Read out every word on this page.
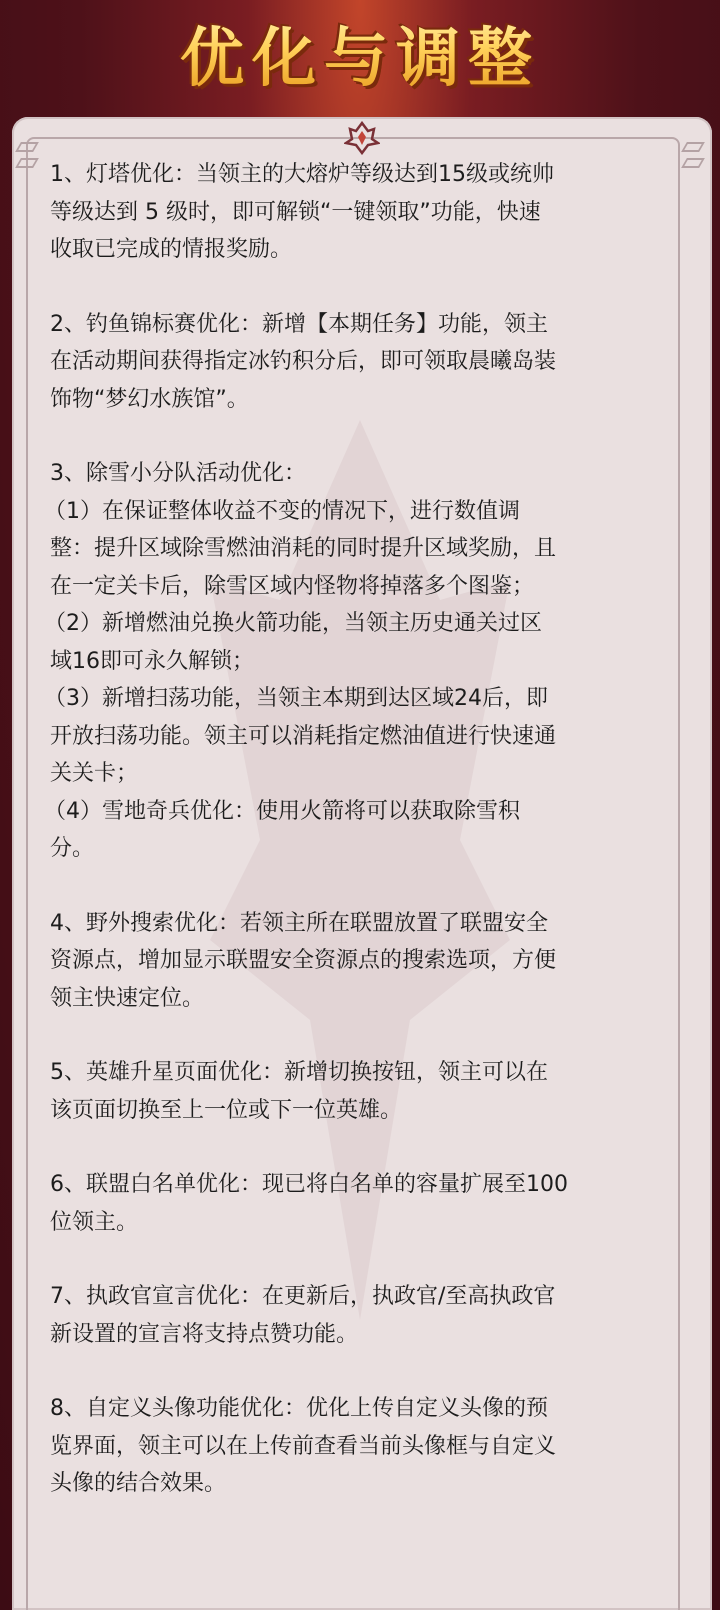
优化与调整
1、灯塔优化：当领主的大熔炉等级达到15级或统帅
等级达到 5 级时，即可解锁“一键领取”功能，快速
收取已完成的情报奖励。
2、钓鱼锦标赛优化：新增【本期任务】功能，领主
在活动期间获得指定冰钓积分后，即可领取晨曦岛装
饰物“梦幻水族馆”。
3、除雪小分队活动优化：
（1）在保证整体收益不变的情况下，进行数值调
整：提升区域除雪燃油消耗的同时提升区域奖励，且
在一定关卡后，除雪区域内怪物将掉落多个图鉴；
（2）新增燃油兑换火箭功能，当领主历史通关过区
域16即可永久解锁；
（3）新增扫荡功能，当领主本期到达区域24后，即
开放扫荡功能。领主可以消耗指定燃油值进行快速通
关关卡；
（4）雪地奇兵优化：使用火箭将可以获取除雪积
分。
4、野外搜索优化：若领主所在联盟放置了联盟安全
资源点，增加显示联盟安全资源点的搜索选项，方便
领主快速定位。
5、英雄升星页面优化：新增切换按钮，领主可以在
该页面切换至上一位或下一位英雄。
6、联盟白名单优化：现已将白名单的容量扩展至100
位领主。
7、执政官宣言优化：在更新后，执政官/至高执政官
新设置的宣言将支持点赞功能。
8、自定义头像功能优化：优化上传自定义头像的预
览界面，领主可以在上传前查看当前头像框与自定义
头像的结合效果。
